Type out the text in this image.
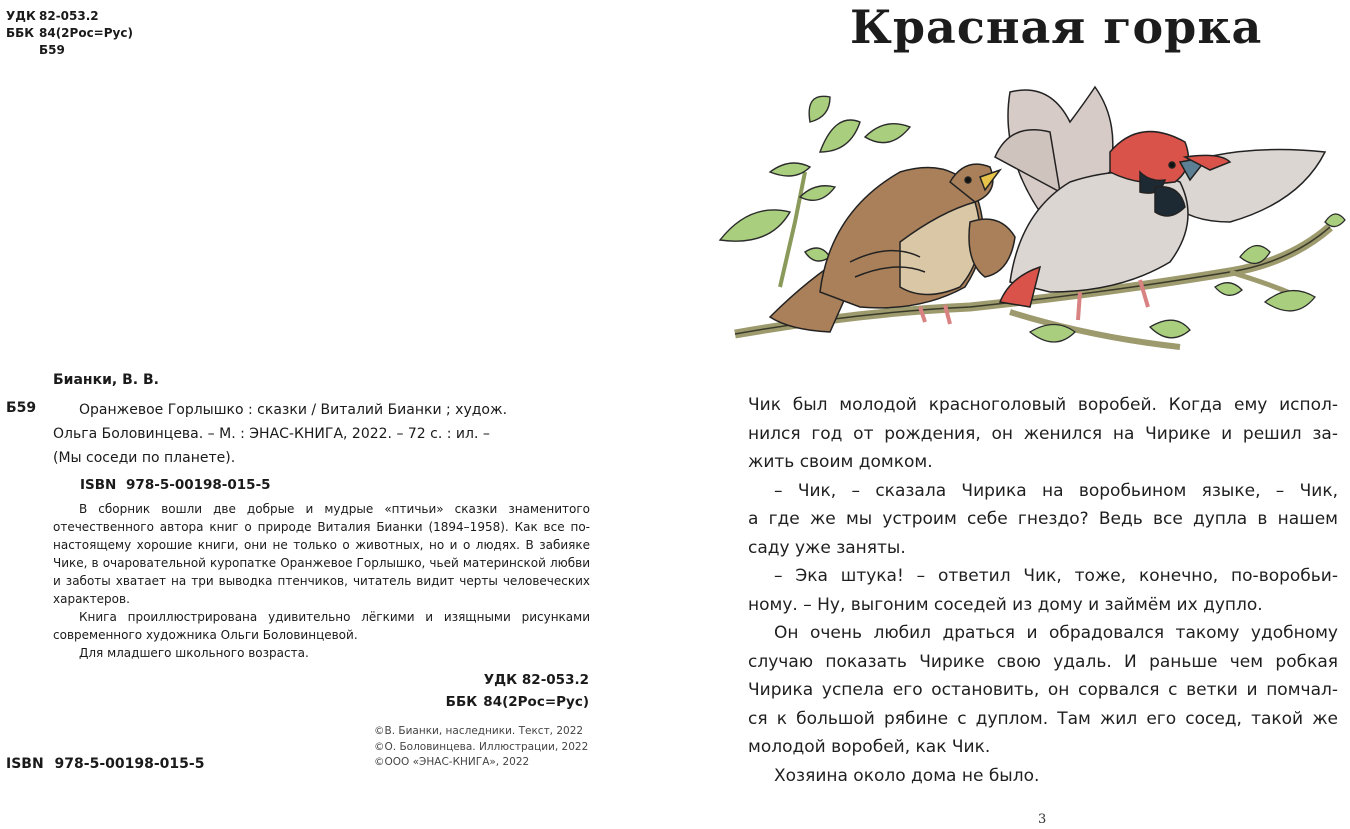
УДК 82-053.2
ББК 84(2Рос=Рус)
Б59
Бианки, В. В.
Б59	Оранжевое Горлышко : сказки / Виталий Бианки ; худож.
Ольга Боловинцева. – М. : ЭНАС-КНИГА, 2022. – 72 с. : ил. –
(Мы соседи по планете).
ISBN 978-5-00198-015-5

В сборник вошли две добрые и мудрые «птичьи» сказки знаменитого отечественного автора книг о природе Виталия Бианки (1894–1958). Как все по-настоящему хорошие книги, они не только о животных, но и о людях. В забияке Чике, в очаровательной куропатке Оранжевое Горлышко, чьей материнской любви и заботы хватает на три выводка птенчиков, читатель видит черты человеческих характеров.

Книга проиллюстрирована удивительно лёгкими и изящными рисунками современного художника Ольги Боловинцевой.

Для младшего школьного возраста.

УДК 82-053.2
ББК 84(2Рос=Рус)
©В. Бианки, наследники. Текст, 2022
©О. Боловинцева. Иллюстрации, 2022
©ООО «ЭНАС-КНИГА», 2022
ISBN 978-5-00198-015-5
Красная горка

Чик был молодой красноголовый воробей. Когда ему испол-
нился год от рождения, он женился на Чирике и решил за-
жить своим домком.

– Чик, – сказала Чирика на воробьином языке, – Чик,
а где же мы устроим себе гнездо? Ведь все дупла в нашем
саду уже заняты.

– Эка штука! – ответил Чик, тоже, конечно, по-воробьи-
ному. – Ну, выгоним соседей из дому и займём их дупло.

Он очень любил драться и обрадовался такому удобному
случаю показать Чирике свою удаль. И раньше чем робкая
Чирика успела его остановить, он сорвался с ветки и помчал-
ся к большой рябине с дуплом. Там жил его сосед, такой же
молодой воробей, как Чик.

Хозяина около дома не было.

3
